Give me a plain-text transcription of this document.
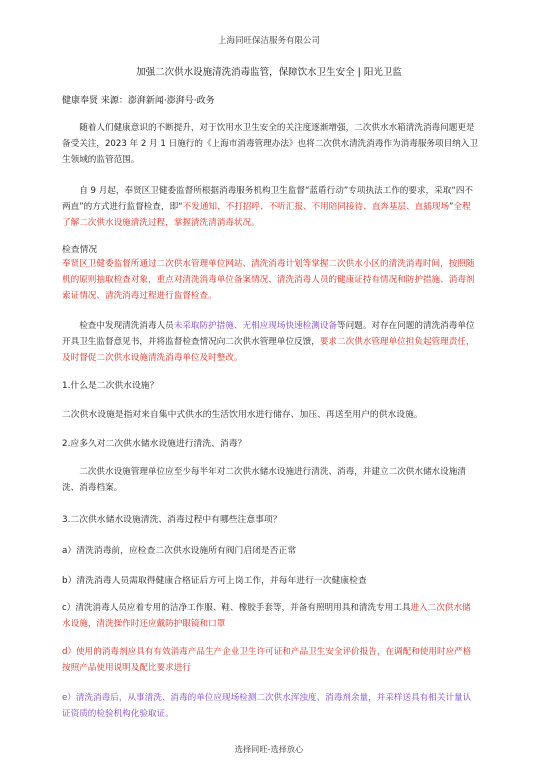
上海同旺保洁服务有限公司
加强二次供水设施清洗消毒监管，保障饮水卫生安全 | 阳光卫监
健康奉贤 来源：澎湃新闻·澎湃号·政务
随着人们健康意识的不断提升，对于饮用水卫生安全的关注度逐渐增强，二次供水水箱清洗消毒问题更是备受关注，2023 年 2 月 1 日施行的《上海市消毒管理办法》也将二次供水清洗消毒作为消毒服务项目纳入卫生领域的监管范围。
自 9 月起，奉贤区卫健委监督所根据消毒服务机构卫生监督“蓝盾行动”专项执法工作的要求，采取“四不两直”的方式进行监督检查，即“不发通知、不打招呼、不听汇报、不用陪同接待、直奔基层、直插现场”全程了解二次供水设施清洗过程，掌握清洗清消毒状况。
检查情况
奉贤区卫健委监督所通过二次供水管理单位网站、清洗消毒计划等掌握二次供水小区的清洗消毒时间，按照随机的原则抽取检查对象，重点对清洗消毒单位备案情况、清洗消毒人员的健康证持有情况和防护措施、消毒剂索证情况、清洗消毒过程进行监督检查。
检查中发现清洗消毒人员未采取防护措施、无相应现场快速检测设备等问题。对存在问题的清洗消毒单位开具卫生监督意见书，并将监督检查情况向二次供水管理单位反馈，要求二次供水管理单位担负起管理责任，及时督促二次供水设施清洗消毒单位及时整改。
1.什么是二次供水设施？
二次供水设施是指对来自集中式供水的生活饮用水进行储存、加压、再送至用户的供水设施。
2.应多久对二次供水储水设施进行清洗、消毒？
二次供水设施管理单位应至少每半年对二次供水储水设施进行清洗、消毒，并建立二次供水储水设施清洗、消毒档案。
3.二次供水储水设施清洗、消毒过程中有哪些注意事项？
a）清洗消毒前，应检查二次供水设施所有阀门启闭是否正常
b）清洗消毒人员需取得健康合格证后方可上岗工作，并每年进行一次健康检查
c）清洗消毒人员应着专用的洁净工作服、鞋、橡胶手套等，并备有照明用具和清洗专用工具进入二次供水储水设施，清洗操作时还应戴防护眼镜和口罩
d）使用的消毒剂应具有有效消毒产品生产企业卫生许可证和产品卫生安全评价报告，在调配和使用时应严格按照产品使用说明及配比要求进行
e）清洗消毒后，从事清洗、消毒的单位应现场检测二次供水浑浊度、消毒剂余量，并采样送具有相关计量认证资质的检验机构化验取证。
选择同旺-选择放心
